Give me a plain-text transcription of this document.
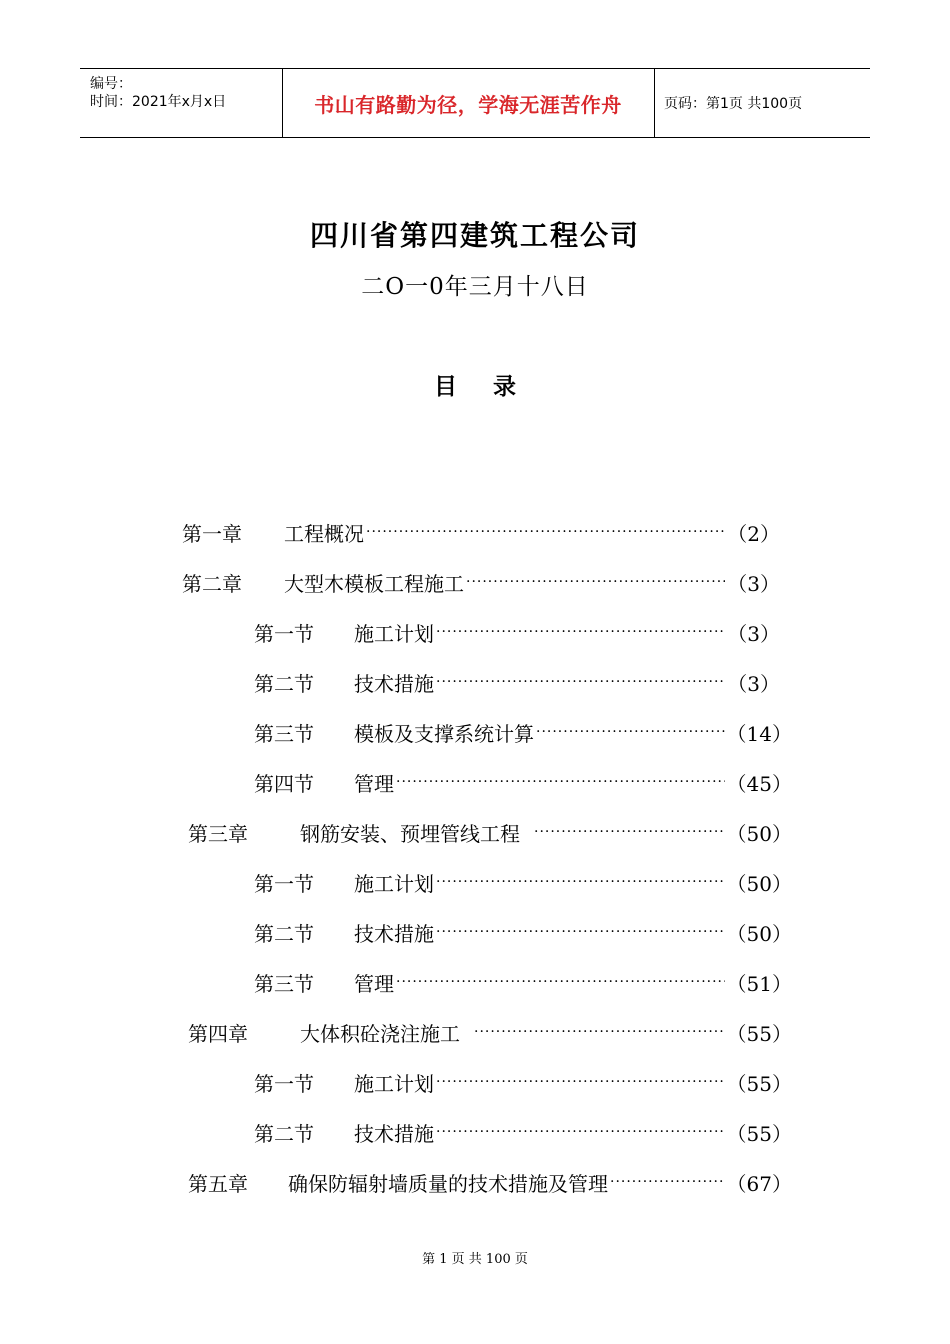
编号：
时间：2021年x月x日	书山有路勤为径，学海无涯苦作舟	页码：第1页 共100页
四川省第四建筑工程公司
二O一0年三月十八日
目 录
第一章	工程概况 ·····	（2）
第二章	大型木模板工程施工 ·····	（3）
第一节	施工计划 ·····	（3）
第二节	技术措施 ·····	（3）
第三节	模板及支撑系统计算 ·····	（14）
第四节	管理 ·····	（45）
第三章	钢筋安装、预埋管线工程 ·····	（50）
第一节	施工计划 ·····	（50）
第二节	技术措施 ·····	（50）
第三节	管理 ·····	（51）
第四章	大体积砼浇注施工 ·····	（55）
第一节	施工计划 ·····	（55）
第二节	技术措施 ·····	（55）
第五章	确保防辐射墙质量的技术措施及管理 ·····	（67）
第 1 页 共 100 页
